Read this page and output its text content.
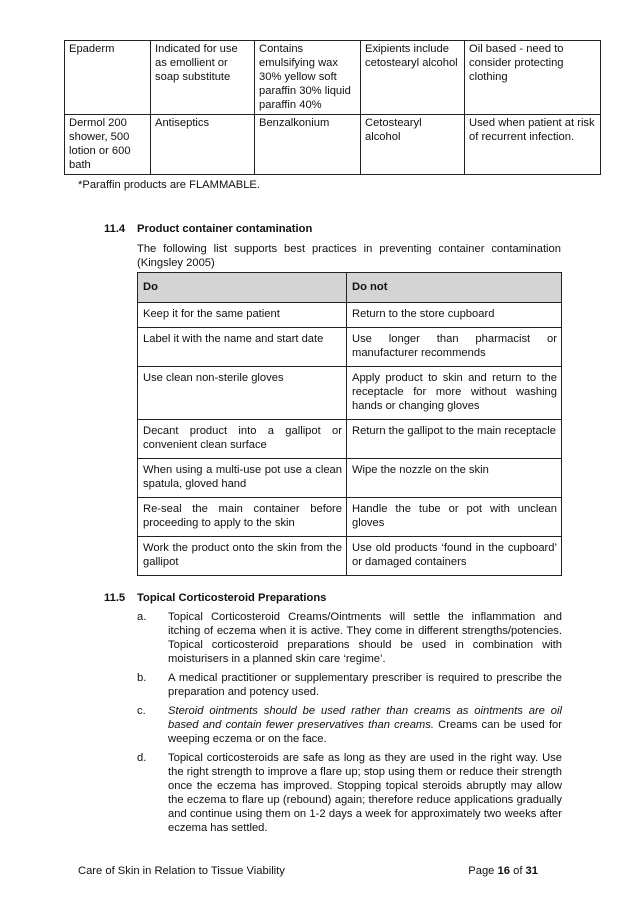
Epaderm	Indicated for use as emollient or soap substitute	Contains emulsifying wax 30% yellow soft paraffin 30% liquid paraffin 40%	Exipients include cetostearyl alcohol	Oil based - need to consider protecting clothing
Dermol 200 shower, 500 lotion or 600 bath	Antiseptics	Benzalkonium	Cetostearyl alcohol	Used when patient at risk of recurrent infection.
*Paraffin products are FLAMMABLE.
11.4 Product container contamination
The following list supports best practices in preventing container contamination (Kingsley 2005)
Do	Do not
Keep it for the same patient	Return to the store cupboard
Label it with the name and start date	Use longer than pharmacist or manufacturer recommends
Use clean non-sterile gloves	Apply product to skin and return to the receptacle for more without washing hands or changing gloves
Decant product into a gallipot or convenient clean surface	Return the gallipot to the main receptacle
When using a multi-use pot use a clean spatula, gloved hand	Wipe the nozzle on the skin
Re-seal the main container before proceeding to apply to the skin	Handle the tube or pot with unclean gloves
Work the product onto the skin from the gallipot	Use old products ‘found in the cupboard’ or damaged containers
11.5 Topical Corticosteroid Preparations
a.	Topical Corticosteroid Creams/Ointments will settle the inflammation and itching of eczema when it is active. They come in different strengths/potencies. Topical corticosteroid preparations should be used in combination with moisturisers in a planned skin care ‘regime’.
b.	A medical practitioner or supplementary prescriber is required to prescribe the preparation and potency used.
c.	Steroid ointments should be used rather than creams as ointments are oil based and contain fewer preservatives than creams. Creams can be used for weeping eczema or on the face.
d.	Topical corticosteroids are safe as long as they are used in the right way. Use the right strength to improve a flare up; stop using them or reduce their strength once the eczema has improved. Stopping topical steroids abruptly may allow the eczema to flare up (rebound) again; therefore reduce applications gradually and continue using them on 1-2 days a week for approximately two weeks after eczema has settled.
Care of Skin in Relation to Tissue Viability	Page 16 of 31
